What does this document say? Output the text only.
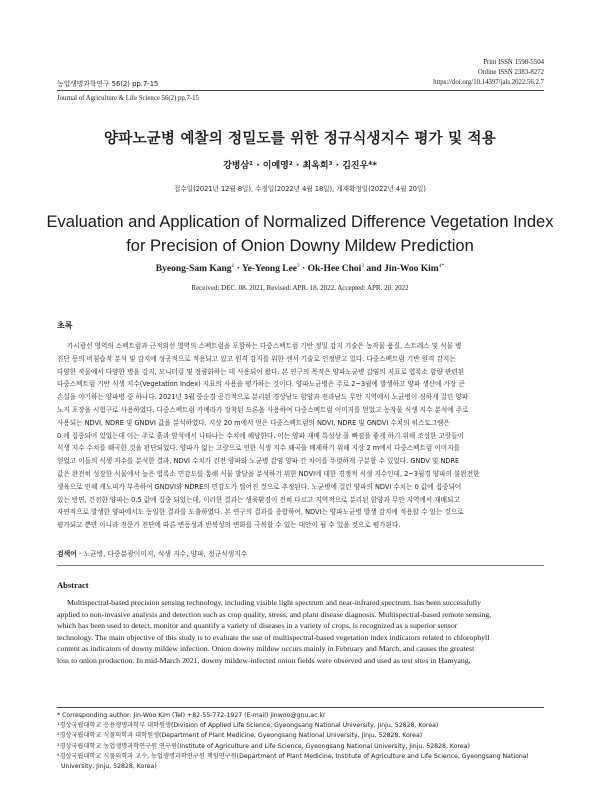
Print ISSN 1598-5504
Online ISSN 2383-8272
https://doi.org/10.14397/jals.2022.56.2.7
농업생명과학연구 56(2) pp.7-15
Journal of Agriculture & Life Science 56(2) pp.7-15
양파노균병 예찰의 정밀도를 위한 정규식생지수 평가 및 적용
강병삼¹ · 이예영² · 최옥희³ · 김진우⁴*
접수일(2021년 12월 8일), 수정일(2022년 4월 18일), 게재확정일(2022년 4월 20일)
Evaluation and Application of Normalized Difference Vegetation Index
for Precision of Onion Downy Mildew Prediction
Byeong-Sam Kang$^1$ · Ye-Yeong Lee$^2$ · Ok-Hee Choi$^3$ and Jin-Woo Kim$^{4*}$
Received: DEC. 08. 2021, Revised: APR. 18. 2022, Accepted: APR. 20. 2022
초록
가시광선 영역의 스펙트럼과 근적외선 영역의 스펙트럼을 포함하는 다중스펙트럼 기반 정밀 감지 기술은 농작물 품질, 스트레스 및 식물 병
진단 등의 비침습적 분석 및 감지에 성공적으로 적용되고 있고 원격 감지를 위한 센서 기술로 인정받고 있다. 다중스펙트럼 기반 원격 감지는
다양한 작물에서 다양한 병을 감지, 모니터링 및 정량화하는 데 사용되어 왔다. 본 연구의 목적은 양파노균병 감염의 지표로 엽록소 함량 관련된
다중스펙트럼 기반 식생 지수(Vegetation Index) 지표의 사용을 평가하는 것이다. 양파노균병은 주로 2~3월에 발생하고 양파 생산에 가장 큰
손실을 야기하는 양파병 중 하나다. 2021년 3월 중순경 공간적으로 분리된 경상남도 함양과 전라남도 무안 지역에서 노균병이 심하게 걸린 양파
노지 포장을 시험구로 사용하였다. 다중스펙트럼 카메라가 장착된 드론을 사용하여 다중스펙트럼 이미지를 얻었고 농작물 식생 지수 분석에 주로
사용되는 NDVI, NDRE 및 GNDVI 값을 분석하였다. 지상 20 m에서 얻은 다중스펙트럼의 NDVI, NDRE 및 GNDVI 수치의 히스토그램은
0 에 집중되어 있었는데 이는 주로 흙과 암석에서 나타나는 수치에 해당한다. 이는 양파 재배 특성상 몰 빠짐을 좋게 하기 위해 조성한 고랑들이
식생 지수 수치를 왜곡한 것을 판단되었다. 양파가 없는 고랑으로 인한 식생 지수 왜곡을 배제하기 위해 지상 2 m에서 다중스펙트럼 이미지를
얻었고 이들의 식생 지수를 분석한 결과, NDVI 수치가 건전 양파와 노균병 감염 양파 간 차이를 뚜렷하게 구분할 수 있었다. GNDV 및 NDRE
값은 완전히 성장한 식물에서 높은 엽록소 민감도를 통해 식물 발달을 분석하기 위한 NDVI에 대한 경쟁적 식생 지수인데, 2~3월경 양파의 불완전한
생육으로 인해 캐노피가 부족하여 GNDVI와 NDRE의 민감도가 떨어진 것으로 추정된다. 노균병에 걸린 양파의 NDVI 수치는 0 값에 집중되어
있는 반면, 건전한 양파는 0.5 값에 집중 되었는데, 이러한 결과는 생육환경이 전혀 다르고 지역적으로 분리된 함양과 무안 지역에서 재배되고
자연적으로 발생한 양파에서도 동일한 결과를 도출하였다. 본 연구의 결과를 종합하여, NDVI는 양파노균병 발생 감지에 적용할 수 있는 것으로
평가되고 뿐만 아니라 전문가 진단에 따른 변동성과 반복성의 변화를 극복할 수 있는 대안이 될 수 있을 것으로 평가된다.
검색어 - 노균병, 다중분광이미지, 식생 지수, 양파, 정규식생지수
Abstract
Multispectral-based precision sensing technology, including visible light spectrum and near-infrared spectrum, has been successfully
applied to non-invasive analysis and detection such as crop quality, stress, and plant disease diagnosis. Multispectral-based remote sensing,
which has been used to detect, monitor and quantify a variety of diseases in a variety of crops, is recognized as a superior sensor
technology. The main objective of this study is to evaluate the use of multispectral-based vegetation index indicators related to chlorophyll
content as indicators of downy mildew infection. Onion downy mildew occurs mainly in February and March, and causes the greatest
loss to onion production. In mid-March 2021, downy mildew-infected onion fields were observed and used as test sites in Hamyang,
* Corresponding author: Jin-Woo Kim (Tel) +82-55-772-1927 (E-mail) jinwoo@gnu.ac.kr
¹경상국립대학교 응용생명과학부 대학원생(Division of Applied Life Science, Gyeongsang National University, Jinju, 52828, Korea)
²경상국립대학교 식물의학과 대학원생(Department of Plant Medicine, Gyeongsang National University, Jinju, 52828, Korea)
³경상국립대학교 농업생명과학연구원 연구원(Institute of Agriculture and Life Science, Gyeongsang National University, Jinju, 52828, Korea)
⁴경상국립대학교 식물의학과 교수, 농업생명과학연구원 책임연구원(Department of Plant Medicine, Institute of Agriculture and Life Science, Gyeongsang National
University, Jinju, 52828, Korea)
